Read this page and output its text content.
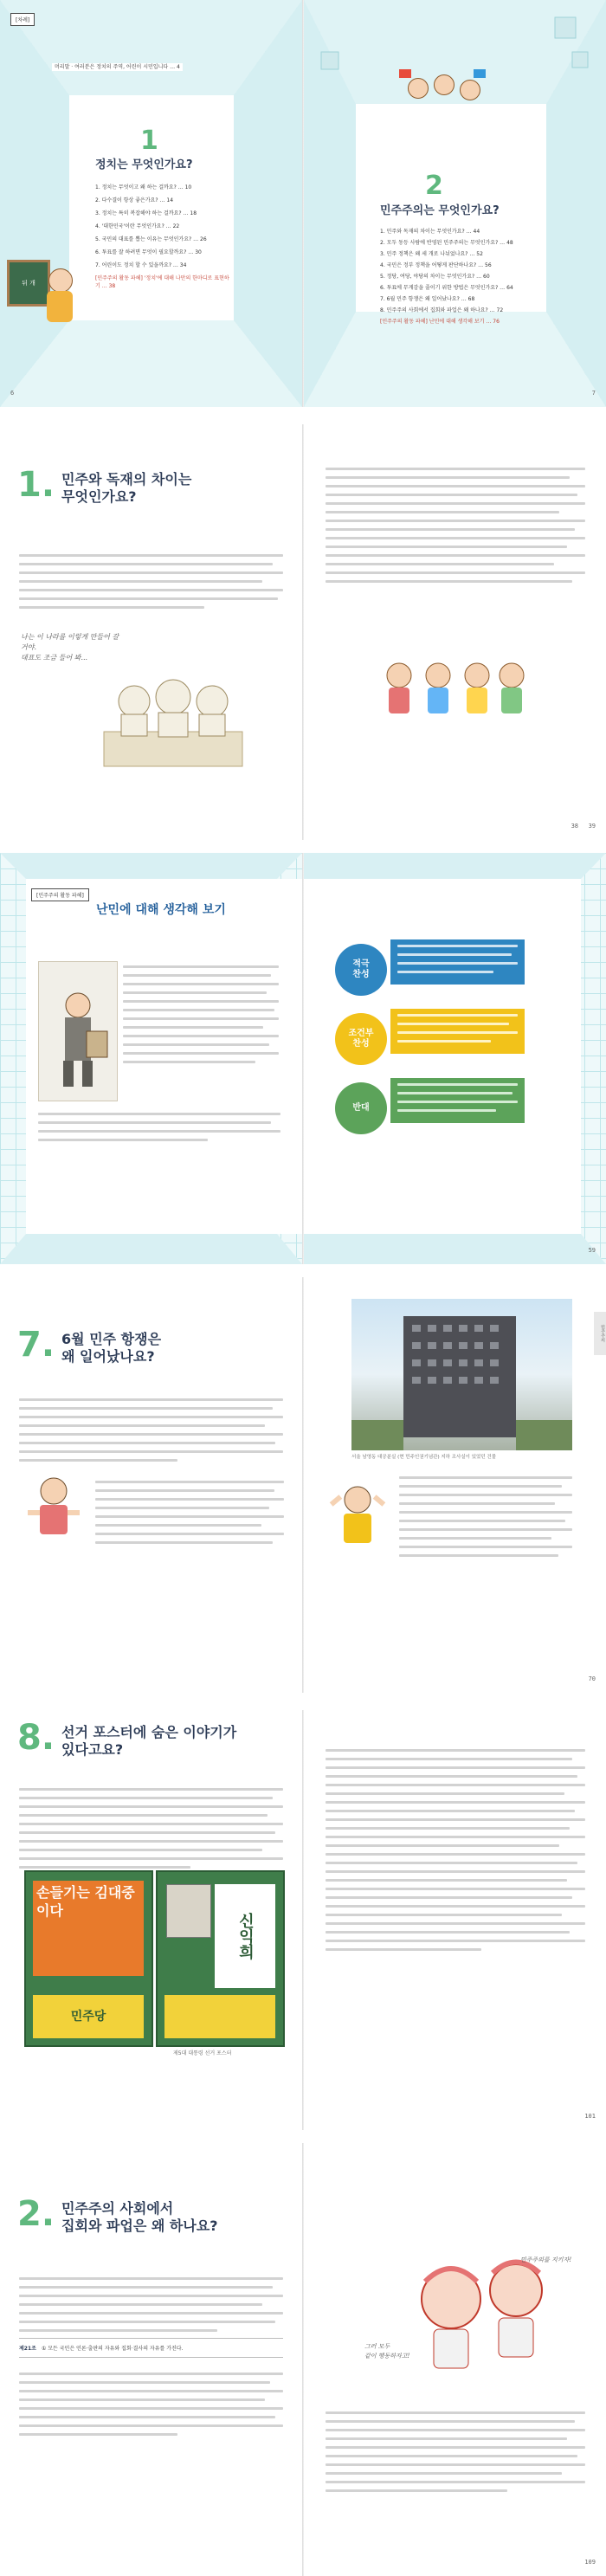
[차례]
머리말 · 여러분은 정치의 주역, 어린이 시민입니다 … 4
1
정치는 무엇인가요?
1. 정치는 무엇이고 왜 하는 걸까요? … 10
2. 다수결이 항상 좋은가요? … 14
3. 정치는 특히 복잡해야 하는 걸까요? … 18
4. '대한민국'이란 무엇인가요? … 22
5. 국민의 대표를 뽑는 이유는 무엇인가요? … 26
6. 투표를 잘 하려면 무엇이 필요할까요? … 30
7. 어린이도 정치 할 수 있을까요? … 34
[민주주의 활동 파헤] '정치'에 대해 나만의 한마디로 표현하기 … 38
뒤 개
6
2
민주주의는 무엇인가요?
1. 민주와 독재의 차이는 무엇인가요? … 44
2. 모두 동등 사람에 반영된 민주주의는 무엇인가요? … 48
3. 민주 정책은 왜 세 개로 나뉘었나요? … 52
4. 국민은 정부 정책을 어떻게 판단하나요? … 56
5. 정당, 여당, 야당의 차이는 무엇인가요? … 60
6. 투표에 무게감을 줄이기 위한 방법은 무엇인가요? … 64
7. 6월 민주 항쟁은 왜 일어났나요? … 68
8. 민주주의 사회에서 집회와 파업은 왜 하나요? … 72
[민주주의 활동 파헤] 난민에 대해 생각해 보기 … 76
7
1. 민주와 독재의 차이는
무엇인가요?
나는 이 나라를 이렇게 만들어 갈 거야.
대표도 조금 들어 봐...
38 39
[민주주의 활동 파헤]
난민에 대해 생각해 보기
적극
찬성
조건부
찬성
반대
59
7. 6월 민주 항쟁은
왜 일어났나요?
서울 남영동 대공분실 (현 민주인권기념관) 지하 조사실이 있었던 건물
민주주의
70
8. 선거 포스터에 숨은 이야기가
있다고요?
손들기는 김대중이다
민주당
신익희
제5대 대통령 선거 포스터
101
2. 민주주의 사회에서
집회와 파업은 왜 하나요?
제21조 ① 모든 국민은 언론·출판의 자유와 집회·결사의 자유를 가진다.	그러 모두
같이 행동하자고!
민주주의를 지키자!
109
